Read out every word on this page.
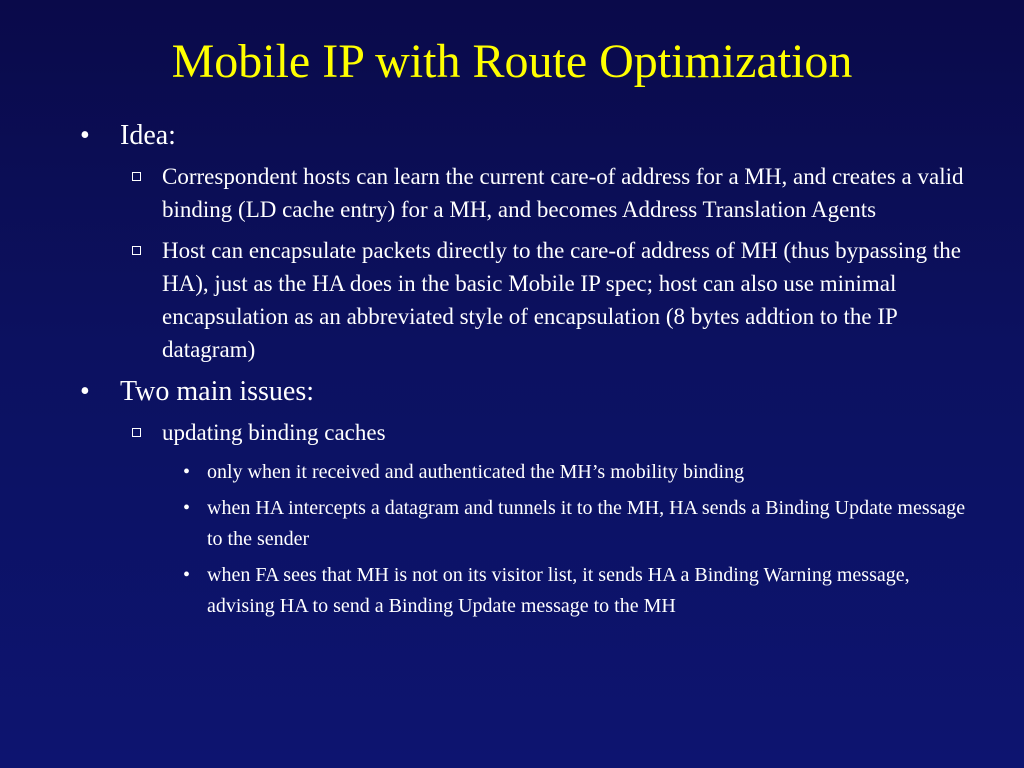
Mobile IP with Route Optimization
• Idea:
Correspondent hosts can learn the current care-of address for a MH, and creates a valid binding (LD cache entry) for a MH, and becomes Address Translation Agents
Host can encapsulate packets directly to the care-of address of MH (thus bypassing the HA), just as the HA does in the basic Mobile IP spec; host can also use minimal encapsulation as an abbreviated style of encapsulation (8 bytes addtion to the IP datagram)
• Two main issues:
updating binding caches
• only when it received and authenticated the MH’s mobility binding
• when HA intercepts a datagram and tunnels it to the MH, HA sends a Binding Update message to the sender
• when FA sees that MH is not on its visitor list, it sends HA a Binding Warning message, advising HA to send a Binding Update message to the MH
